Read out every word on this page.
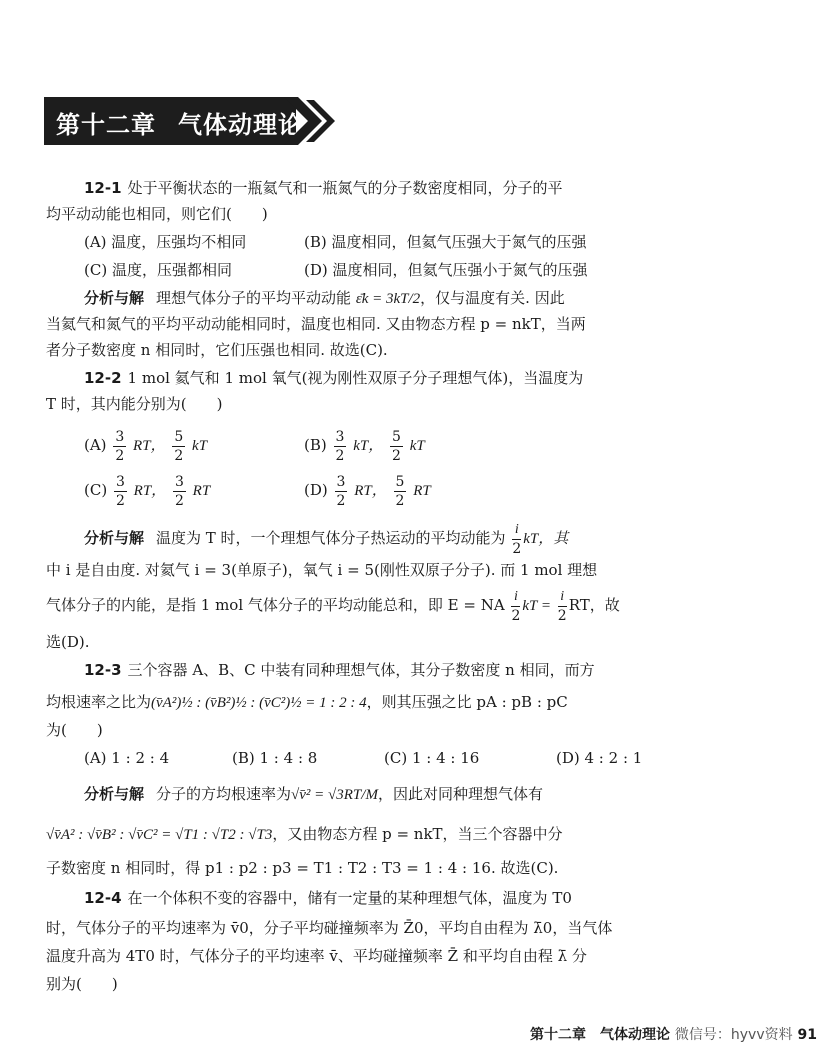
第十二章 气体动理论
12-1 处于平衡状态的一瓶氦气和一瓶氮气的分子数密度相同，分子的平
均平动动能也相同，则它们(　　)
(A) 温度，压强均不相同	(B) 温度相同，但氦气压强大于氮气的压强
(C) 温度，压强都相同	(D) 温度相同，但氦气压强小于氮气的压强
分析与解 理想气体分子的平均平动动能 ε̄k = 3kT/2，仅与温度有关. 因此
当氦气和氮气的平均平动动能相同时，温度也相同. 又由物态方程 p = nkT，当两
者分子数密度 n 相同时，它们压强也相同. 故选(C).
12-2 1 mol 氦气和 1 mol 氧气(视为刚性双原子分子理想气体)，当温度为
T 时，其内能分别为(　　)
$(A) \frac{3}{2}$ RT， $\frac{5}{2}$ kT	$(B) \frac{3}{2}$ kT， $\frac{5}{2}$ kT
$(C) \frac{3}{2}$ RT， $\frac{3}{2}$ RT	$(D) \frac{3}{2}$ RT， $\frac{5}{2}$ RT
分析与解 温度为 T 时，一个理想气体分子热运动的平均动能为 $\frac{i}{2}$ kT，其
中 i 是自由度. 对氦气 i = 3(单原子)，氧气 i = 5(刚性双原子分子). 而 1 mol 理想
气体分子的内能，是指 1 mol 气体分子的平均动能总和，即 E = NA $\frac{i}{2}$ kT = $\frac{i}{2}$ RT，故
选(D).
12-3 三个容器 A、B、C 中装有同种理想气体，其分子数密度 n 相同，而方
均根速率之比为(v̄A²)½ : (v̄B²)½ : (v̄C²)½ = 1 : 2 : 4，则其压强之比 pA : pB : pC
为(　　)
(A) 1 : 2 : 4	(B) 1 : 4 : 8	(C) 1 : 4 : 16	(D) 4 : 2 : 1
分析与解 分子的方均根速率为√v̄² = √3RT/M，因此对同种理想气体有
√v̄A² : √v̄B² : √v̄C² = √T1 : √T2 : √T3，又由物态方程 p = nkT，当三个容器中分
子数密度 n 相同时，得 p1 : p2 : p3 = T1 : T2 : T3 = 1 : 4 : 16. 故选(C).
12-4 在一个体积不变的容器中，储有一定量的某种理想气体，温度为 T0
时，气体分子的平均速率为 v̄0，分子平均碰撞频率为 Z̄0，平均自由程为 λ̄0，当气体
温度升高为 4T0 时，气体分子的平均速率 v̄、平均碰撞频率 Z̄ 和平均自由程 λ̄ 分
别为(　　)
第十二章　气体动理论 微信号：hyvv资料 91
